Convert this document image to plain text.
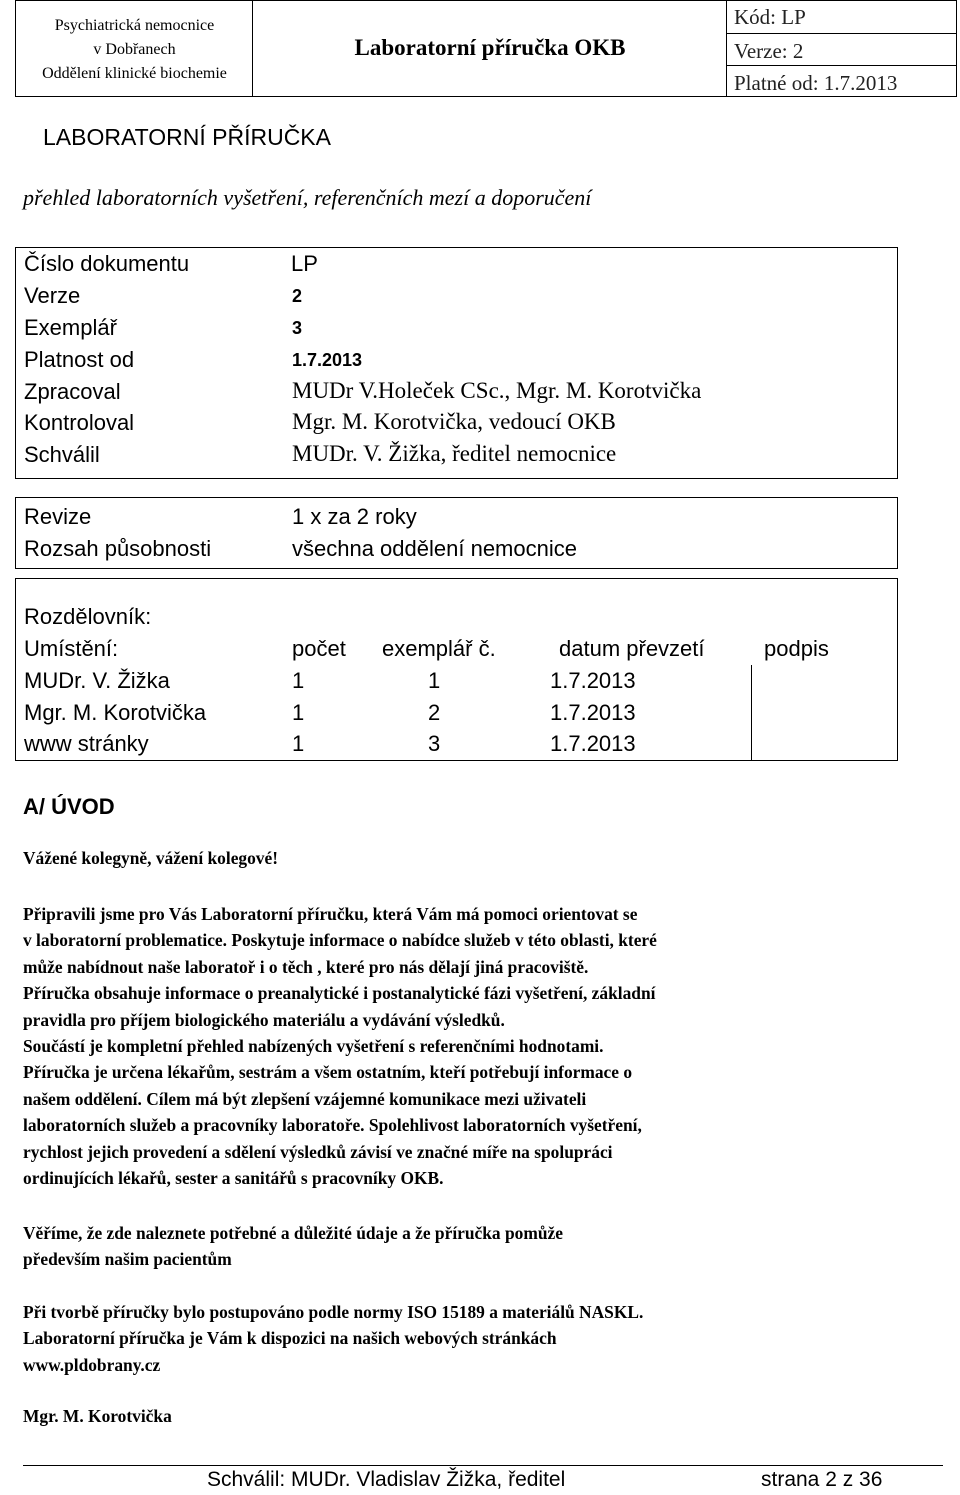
Psychiatrická nemocnice
v Dobřanech
Oddělení klinické biochemie
Laboratorní příručka OKB
Kód: LP
Verze: 2
Platné od: 1.7.2013
LABORATORNÍ PŘÍRUČKA
přehled laboratorních vyšetření, referenčních mezí a doporučení
Číslo dokumentu	LP
Verze	2
Exemplář	3
Platnost od	1.7.2013
Zpracoval	MUDr V.Holeček CSc., Mgr. M. Korotvička
Kontroloval	Mgr. M. Korotvička, vedoucí OKB
Schválil	MUDr. V. Žižka, ředitel nemocnice
Revize	1 x za 2 roky
Rozsah působnosti	všechna oddělení nemocnice
Rozdělovník:
Umístění:	počet exemplář č.	datum převzetí	podpis
MUDr. V. Žižka	1	1	1.7.2013
Mgr. M. Korotvička	1	2	1.7.2013
www stránky	1	3	1.7.2013
A/ ÚVOD
Vážené kolegyně, vážení kolegové!
Připravili jsme pro Vás Laboratorní příručku, která Vám má pomoci orientovat se
v laboratorní problematice. Poskytuje informace o nabídce služeb v této oblasti, které
může nabídnout naše laboratoř i o těch , které pro nás dělají jiná pracoviště.
Příručka obsahuje informace o preanalytické i postanalytické fázi vyšetření, základní
pravidla pro příjem biologického materiálu a vydávání výsledků.
Součástí je kompletní přehled nabízených vyšetření s referenčními hodnotami.
Příručka je určena lékařům, sestrám a všem ostatním, kteří potřebují informace o
našem oddělení. Cílem má být zlepšení vzájemné komunikace mezi uživateli
laboratorních služeb a pracovníky laboratoře. Spolehlivost laboratorních vyšetření,
rychlost jejich provedení a sdělení výsledků závisí ve značné míře na spolupráci
ordinujících lékařů, sester a sanitářů s pracovníky OKB.
Věříme, že zde naleznete potřebné a důležité údaje a že příručka pomůže
především našim pacientům
Při tvorbě příručky bylo postupováno podle normy ISO 15189 a materiálů NASKL.
Laboratorní příručka je Vám k dispozici na našich webových stránkách
www.pldobrany.cz
Mgr. M. Korotvička
Schválil: MUDr. Vladislav Žižka, ředitel	strana 2 z 36
